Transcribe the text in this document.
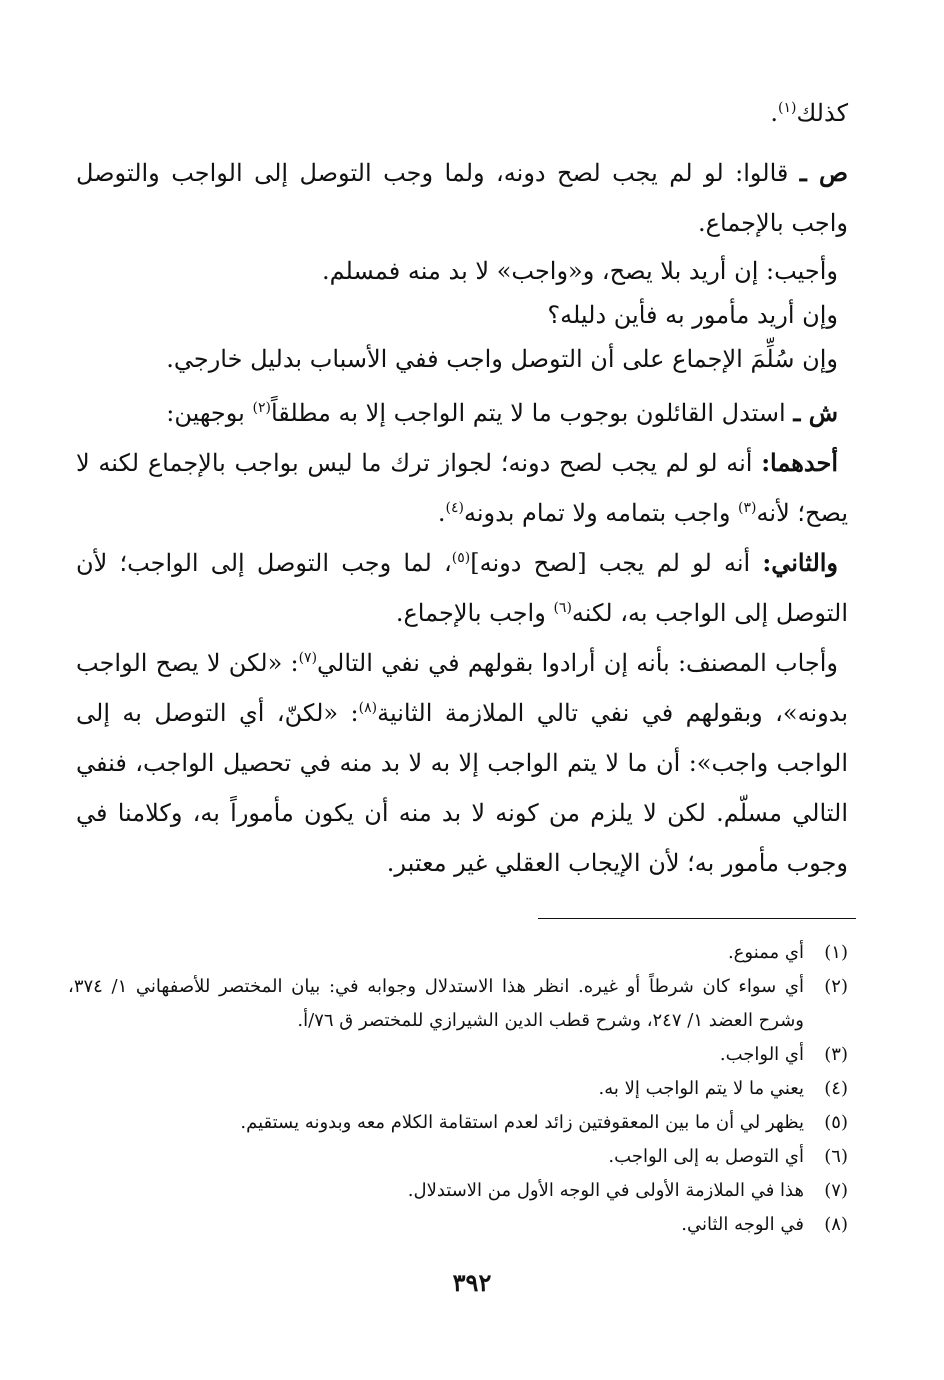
كذلك$^{(١)}$.

ص ـ قالوا: لو لم يجب لصح دونه، ولما وجب التوصل إلى الواجب والتوصل واجب بالإجماع.

وأجيب: إن أريد بلا يصح، و«واجب» لا بد منه فمسلم.

وإن أريد مأمور به فأين دليله؟

وإن سُلِّمَ الإجماع على أن التوصل واجب ففي الأسباب بدليل خارجي.

ش ـ استدل القائلون بوجوب ما لا يتم الواجب إلا به مطلقاً$^{(٢)}$ بوجهين:

أحدهما: أنه لو لم يجب لصح دونه؛ لجواز ترك ما ليس بواجب بالإجماع لكنه لا يصح؛ لأنه$^{(٣)}$ واجب بتمامه ولا تمام بدونه$^{(٤)}$.

والثاني: أنه لو لم يجب [لصح دونه]$^{(٥)}$، لما وجب التوصل إلى الواجب؛ لأن التوصل إلى الواجب به، لكنه$^{(٦)}$ واجب بالإجماع.

وأجاب المصنف: بأنه إن أرادوا بقولهم في نفي التالي$^{(٧)}$: «لكن لا يصح الواجب بدونه»، وبقولهم في نفي تالي الملازمة الثانية$^{(٨)}$: «لكنّ، أي التوصل به إلى الواجب واجب»: أن ما لا يتم الواجب إلا به لا بد منه في تحصيل الواجب، فنفي التالي مسلّم. لكن لا يلزم من كونه لا بد منه أن يكون مأموراً به، وكلامنا في وجوب مأمور به؛ لأن الإيجاب العقلي غير معتبر.

(١)
أي ممنوع.
(٢)
أي سواء كان شرطاً أو غيره. انظر هذا الاستدلال وجوابه في: بيان المختصر للأصفهاني ١/ ٣٧٤، وشرح العضد ١/ ٢٤٧، وشرح قطب الدين الشيرازي للمختصر ق ٧٦/أ.
(٣)
أي الواجب.
(٤)
يعني ما لا يتم الواجب إلا به.
(٥)
يظهر لي أن ما بين المعقوفتين زائد لعدم استقامة الكلام معه وبدونه يستقيم.
(٦)
أي التوصل به إلى الواجب.
(٧)
هذا في الملازمة الأولى في الوجه الأول من الاستدلال.
(٨)
في الوجه الثاني.
٣٩٢
